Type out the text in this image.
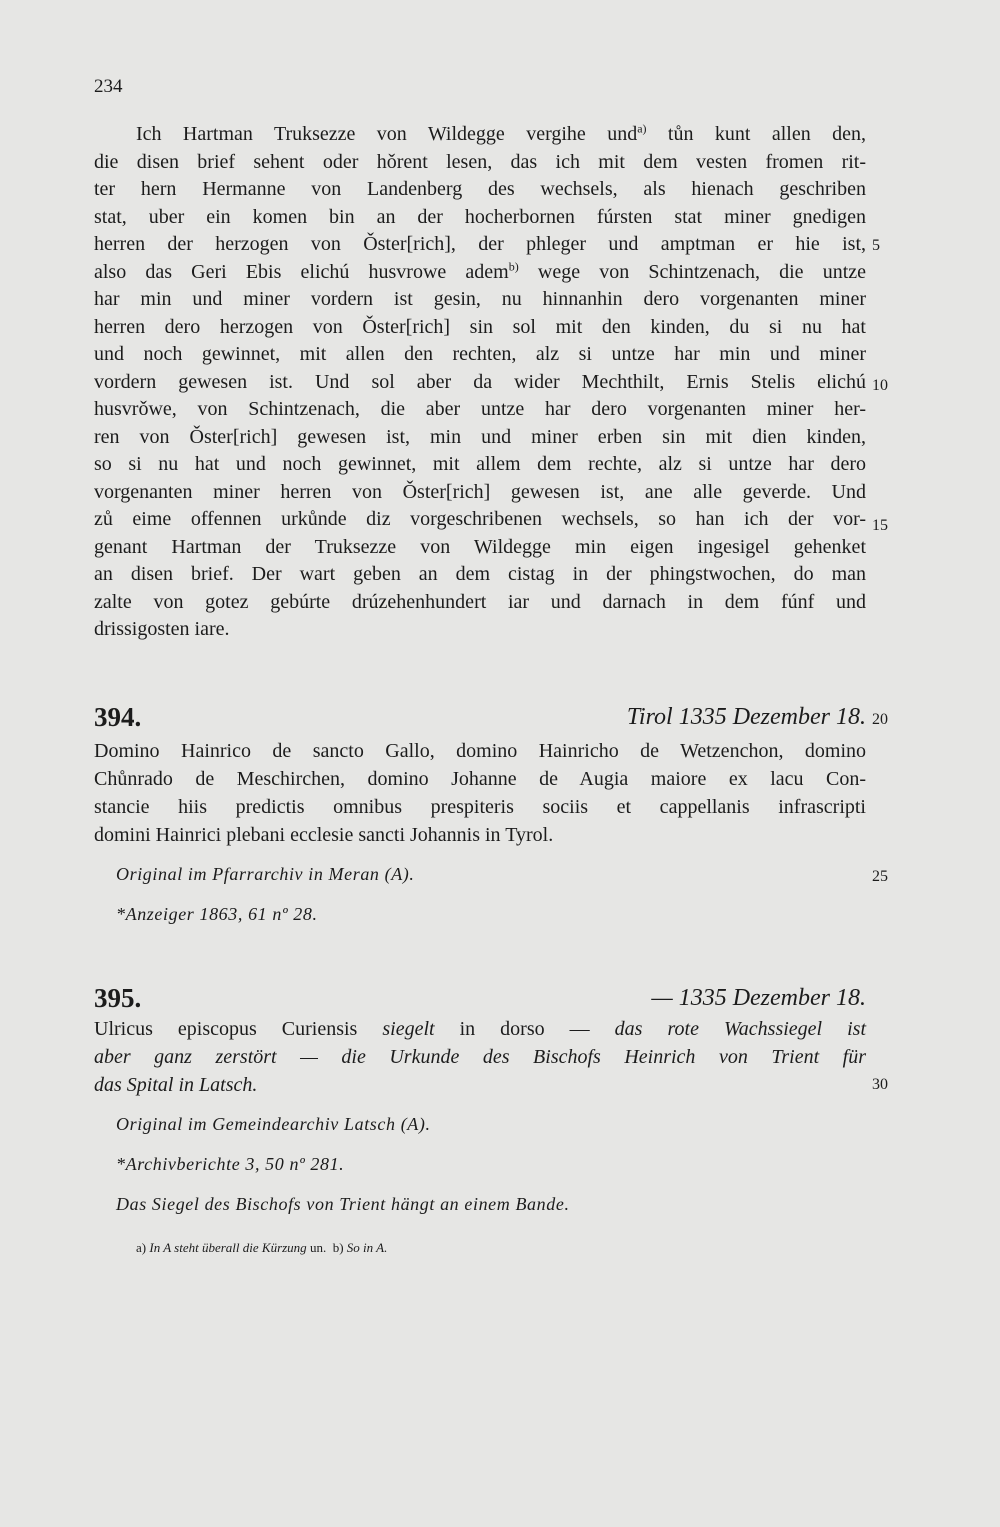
234
Ich Hartman Truksezze von Wildegge vergihe und$^{a)}$ tůn kunt allen den,
die disen brief sehent oder hǒrent lesen, das ich mit dem vesten fromen rit-
ter hern Hermanne von Landenberg des wechsels, als hienach geschriben
stat, uber ein komen bin an der hocherbornen fúrsten stat miner gnedigen
herren der herzogen von Ǒster[rich], der phleger und amptman er hie ist,
also das Geri Ebis elichú husvrowe adem$^{b)}$ wege von Schintzenach, die untze
har min und miner vordern ist gesin, nu hinnanhin dero vorgenanten miner
herren dero herzogen von Ǒster[rich] sin sol mit den kinden, du si nu hat
und noch gewinnet, mit allen den rechten, alz si untze har min und miner
vordern gewesen ist. Und sol aber da wider Mechthilt, Ernis Stelis elichú
husvrǒwe, von Schintzenach, die aber untze har dero vorgenanten miner her-
ren von Ǒster[rich] gewesen ist, min und miner erben sin mit dien kinden,
so si nu hat und noch gewinnet, mit allem dem rechte, alz si untze har dero
vorgenanten miner herren von Ǒster[rich] gewesen ist, ane alle geverde. Und
zů eime offennen urkůnde diz vorgeschribenen wechsels, so han ich der vor-
genant Hartman der Truksezze von Wildegge min eigen ingesigel gehenket
an disen brief. Der wart geben an dem cistag in der phingstwochen, do man
zalte von gotez gebúrte drúzehenhundert iar und darnach in dem fúnf und
drissigosten iare.
5
10
15
20
25
30
394.	Tirol 1335 Dezember 18.
Domino Hainrico de sancto Gallo, domino Hainricho de Wetzenchon, domino
Chůnrado de Meschirchen, domino Johanne de Augia maiore ex lacu Con-
stancie hiis predictis omnibus prespiteris sociis et cappellanis infrascripti
domini Hainrici plebani ecclesie sancti Johannis in Tyrol.
Original im Pfarrarchiv in Meran (A).
*Anzeiger 1863, 61 nº 28.
395.	— 1335 Dezember 18.
Ulricus episcopus Curiensis siegelt in dorso — das rote Wachssiegel ist
aber ganz zerstört — die Urkunde des Bischofs Heinrich von Trient für
das Spital in Latsch.
Original im Gemeindearchiv Latsch (A).
*Archivberichte 3, 50 nº 281.
Das Siegel des Bischofs von Trient hängt an einem Bande.
a) In A steht überall die Kürzung un. b) So in A.
